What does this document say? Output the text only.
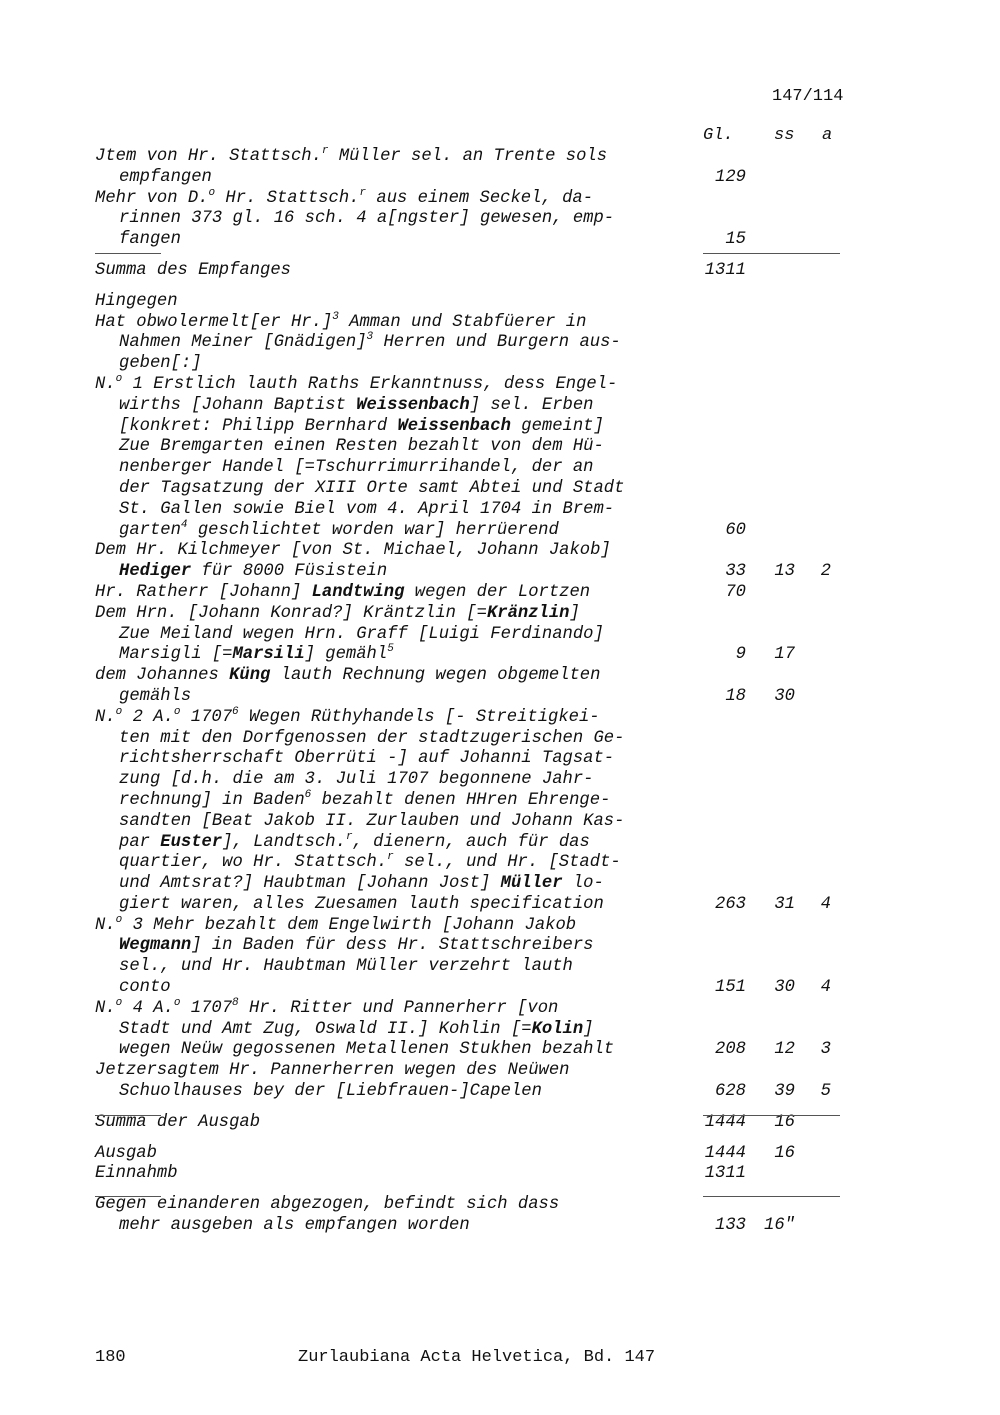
147/114
Gl. ss a
Jtem von Hr. Stattsch.$^r$ Müller sel. an Trente sols
empfangen	129
Mehr von D.$^o$ Hr. Stattsch.$^r$ aus einem Seckel, da-
rinnen 373 gl. 16 sch. 4 a[ngster] gewesen, emp-
fangen	15
Summa des Empfanges	1311
Hingegen
Hat obwolermelt[er Hr.]$^3$ Amman und Stabfüerer in
Nahmen Meiner [Gnädigen]$^3$ Herren und Burgern aus-
geben[:]
N.$^o$ 1 Erstlich lauth Raths Erkanntnuss, dess Engel-
wirths [Johann Baptist Weissenbach] sel. Erben
[konkret: Philipp Bernhard Weissenbach gemeint]
Zue Bremgarten einen Resten bezahlt von dem Hü-
nenberger Handel [=Tschurrimurrihandel, der an
der Tagsatzung der XIII Orte samt Abtei und Stadt
St. Gallen sowie Biel vom 4. April 1704 in Brem-
garten$^4$ geschlichtet worden war] herrüerend	60
Dem Hr. Kilchmeyer [von St. Michael, Johann Jakob]
Hediger für 8000 Füsistein	33	13	2
Hr. Ratherr [Johann] Landtwing wegen der Lortzen	70
Dem Hrn. [Johann Konrad?] Kräntzlin [=Kränzlin]
Zue Meiland wegen Hrn. Graff [Luigi Ferdinando]
Marsigli [=Marsili] gemähl$^5$	9	17
dem Johannes Küng lauth Rechnung wegen obgemelten
gemähls	18	30
N.$^o$ 2 A.$^o$ 1707$^6$ Wegen Rüthyhandels [- Streitigkei-
ten mit den Dorfgenossen der stadtzugerischen Ge-
richtsherrschaft Oberrüti -] auf Johanni Tagsat-
zung [d.h. die am 3. Juli 1707 begonnene Jahr-
rechnung] in Baden$^6$ bezahlt denen HHren Ehrenge-
sandten [Beat Jakob II. Zurlauben und Johann Kas-
par Euster], Landtsch.$^r$, dienern, auch für das
quartier, wo Hr. Stattsch.$^r$ sel., und Hr. [Stadt-
und Amtsrat?] Haubtman [Johann Jost] Müller lo-
giert waren, alles Zuesamen lauth specification	263	31	4
N.$^o$ 3 Mehr bezahlt dem Engelwirth [Johann Jakob
Wegmann] in Baden für dess Hr. Stattschreibers
sel., und Hr. Haubtman Müller verzehrt lauth
conto	151	30	4
N.$^o$ 4 A.$^o$ 1707$^8$ Hr. Ritter und Pannerherr [von
Stadt und Amt Zug, Oswald II.] Kohlin [=Kolin]
wegen Neüw gegossenen Metallenen Stukhen bezahlt	208	12	3
Jetzersagtem Hr. Pannerherren wegen des Neüwen
Schuolhauses bey der [Liebfrauen-]Capelen	628	39	5
Summa der Ausgab	1444	16
Ausgab	1444	16
Einnahmb	1311
Gegen einanderen abgezogen, befindt sich dass
mehr ausgeben als empfangen worden	133	16"
180	Zurlaubiana Acta Helvetica, Bd. 147
